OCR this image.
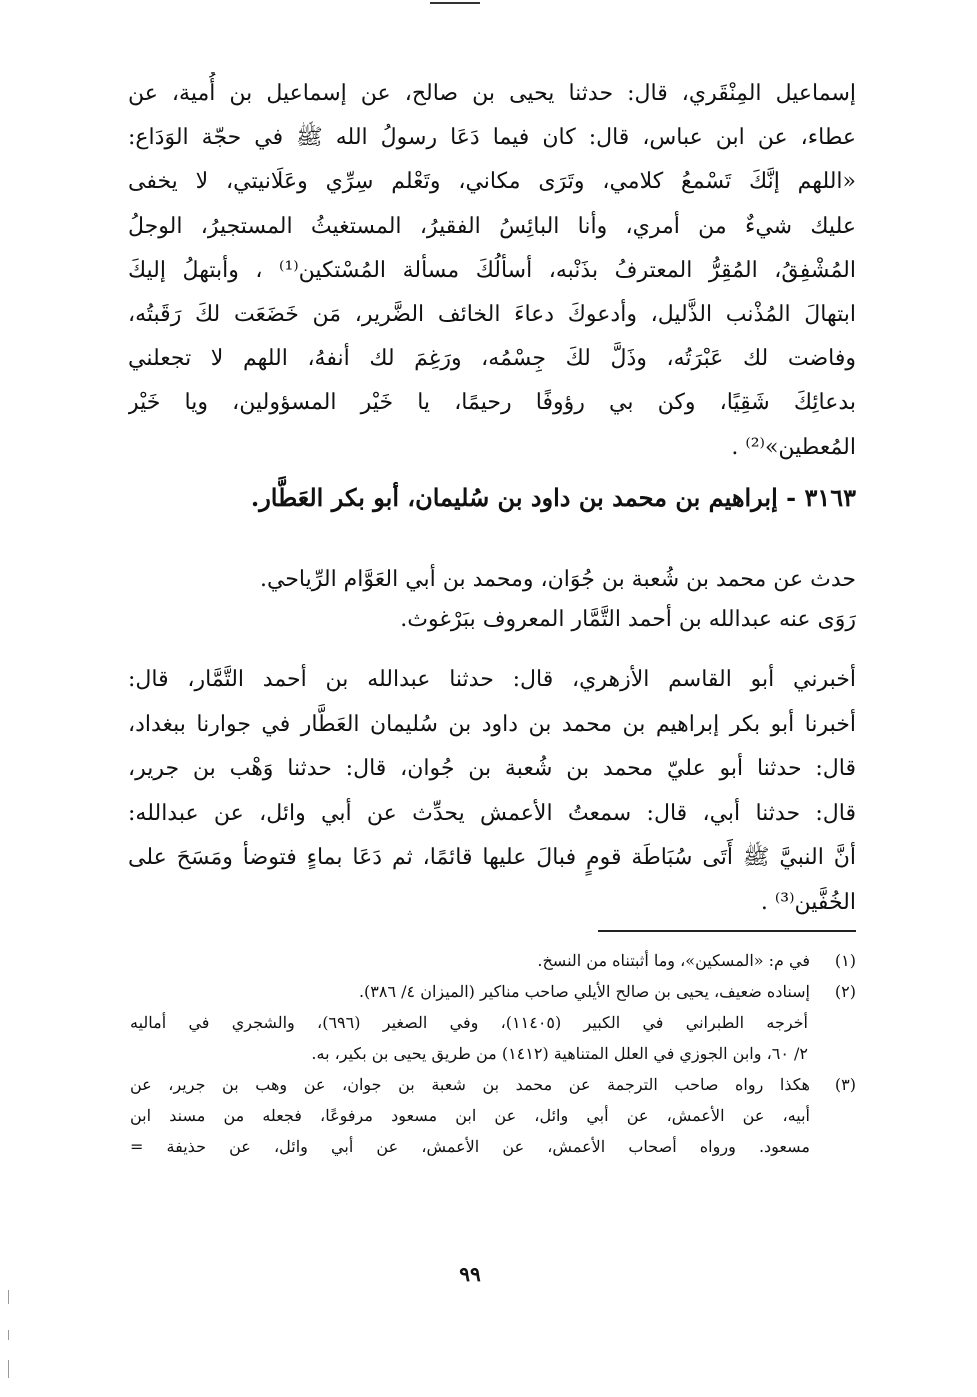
إسماعيل المِنْقَري، قال: حدثنا يحيى بن صالح، عن إسماعيل بن أُمية، عن
عطاء، عن ابن عباس، قال: كان فيما دَعَا رسولُ الله ﷺ في حجّة الوَدَاع:
«اللهم إنَّكَ تَسْمعُ كلامي، وتَرَى مكاني، وتَعْلم سِرِّي وعَلَانيتي، لا يخفى
عليك شيءٌ من أمري، وأنا البائِسُ الفقيرُ، المستغيثُ المستجيرُ، الوجلُ
المُشْفِقُ، المُقِرُّ المعترفُ بذَنْبه، أسألُكَ مسألة المُسْتكين⁽¹⁾ ، وأبتهلُ إليكَ
ابتهالَ المُذْنب الذَّليل، وأدعوكَ دعاءَ الخائف الضَّرير، مَن خَضَعَت لكَ رَقَبتُه،
وفاضت لك عَبْرَتُه، وذَلَّ لكَ جِسْمُه، ورَغِمَ لك أنفهُ، اللهم لا تجعلني
بدعائِكَ شَقِيًا، وكن بي رؤوفًا رحيمًا، يا خَيْر المسؤولين، ويا خَيْر
المُعطين»⁽²⁾ .
٣١٦٣ - إبراهيم بن محمد بن داود بن سُليمان، أبو بكر العَطَّار.
حدث عن محمد بن شُعبة بن جُوَان، ومحمد بن أبي العَوَّام الرِّياحي.
رَوَى عنه عبدالله بن أحمد التَّمَّار المعروف ببَرْغوث.
أخبرني أبو القاسم الأزهري، قال: حدثنا عبدالله بن أحمد التَّمَّار، قال:
أخبرنا أبو بكر إبراهيم بن محمد بن داود بن سُليمان العَطَّار في جوارنا ببغداد،
قال: حدثنا أبو عليّ محمد بن شُعبة بن جُوان، قال: حدثنا وَهْب بن جرير،
قال: حدثنا أبي، قال: سمعتُ الأعمش يحدِّث عن أبي وائل، عن عبدالله:
أنَّ النبيَّ ﷺ أَتَى سُبَاطَة قومٍ فبالَ عليها قائمًا، ثم دَعَا بماءٍ فتوضأ ومَسَحَ على
الخُفَّين⁽³⁾ .
(١)
في م: «المسكين»، وما أثبتناه من النسخ.
(٢)
إسناده ضعيف، يحيى بن صالح الأيلي صاحب مناكير (الميزان ٤/ ٣٨٦).
أخرجه الطبراني في الكبير (١١٤٠٥)، وفي الصغير (٦٩٦)، والشجري في أماليه
٢/ ٦٠، وابن الجوزي في العلل المتناهية (١٤١٢) من طريق يحيى بن بكير، به.
(٣)
هكذا رواه صاحب الترجمة عن محمد بن شعبة بن جوان، عن وهب بن جرير، عن
أبيه، عن الأعمش، عن أبي وائل، عن ابن مسعود مرفوعًا، فجعله من مسند ابن
مسعود. ورواه أصحاب الأعمش، عن الأعمش، عن أبي وائل، عن حذيفة =
٩٩
